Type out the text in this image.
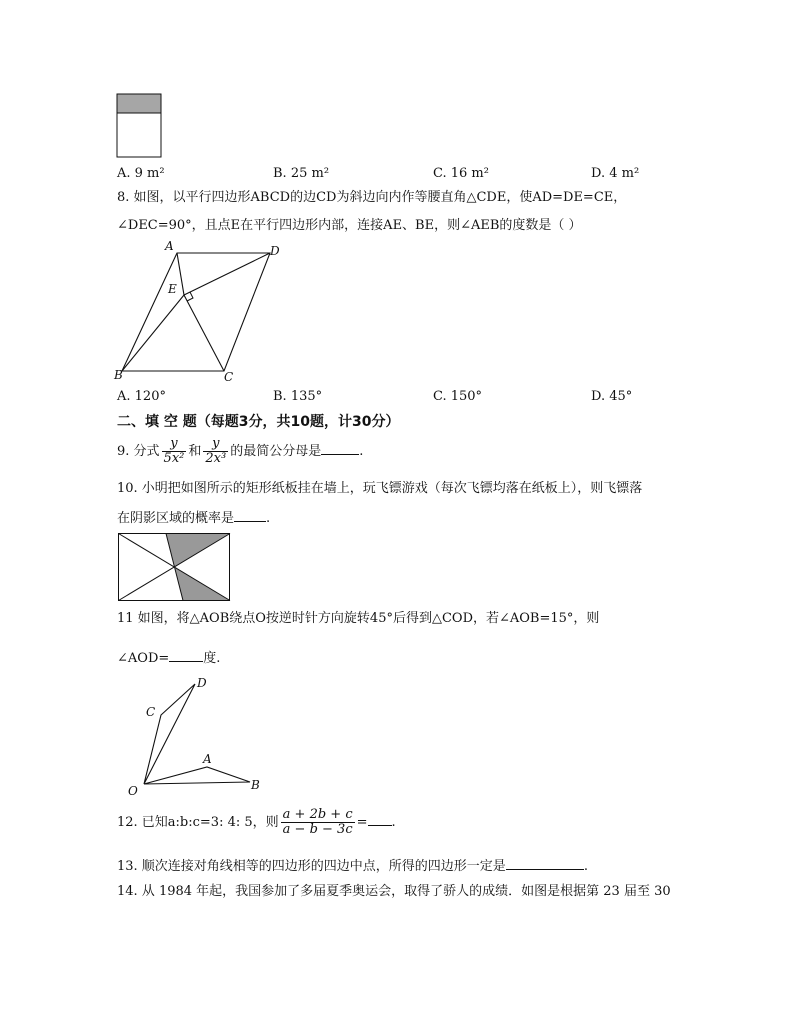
A. 9 m²	B. 25 m²	C. 16 m²	D. 4 m²
8. 如图，以平行四边形ABCD的边CD为斜边向内作等腰直角△CDE，使AD=DE=CE，
∠DEC=90°，且点E在平行四边形内部，连接AE、BE，则∠AEB的度数是（ ）
A	D
E
B	C
A. 120°	B. 135°	C. 150°	D. 45°
二、填 空 题（每题3分，共10题，计30分）
9. 分式 $\frac{y}{\text{5x²}}$ 和 $\frac{y}{\text{2x³}}$ 的最简公分母是	.
10. 小明把如图所示的矩形纸板挂在墙上，玩飞镖游戏（每次飞镖均落在纸板上），则飞镖落
在阴影区域的概率是 .
11 如图，将△AOB绕点O按逆时针方向旋转45°后得到△COD，若∠AOB=15°，则
∠AOD=	度.
D
C
A
B
O
12. 已知a:b:c=3: 4: 5，则 $\frac{a + 2b + c}{a - b - 3c}$ = .
13. 顺次连接对角线相等的四边形的四边中点，所得的四边形一定是	.
14. 从 1984 年起，我国参加了多届夏季奥运会，取得了骄人的成绩．如图是根据第 23 届至 30
